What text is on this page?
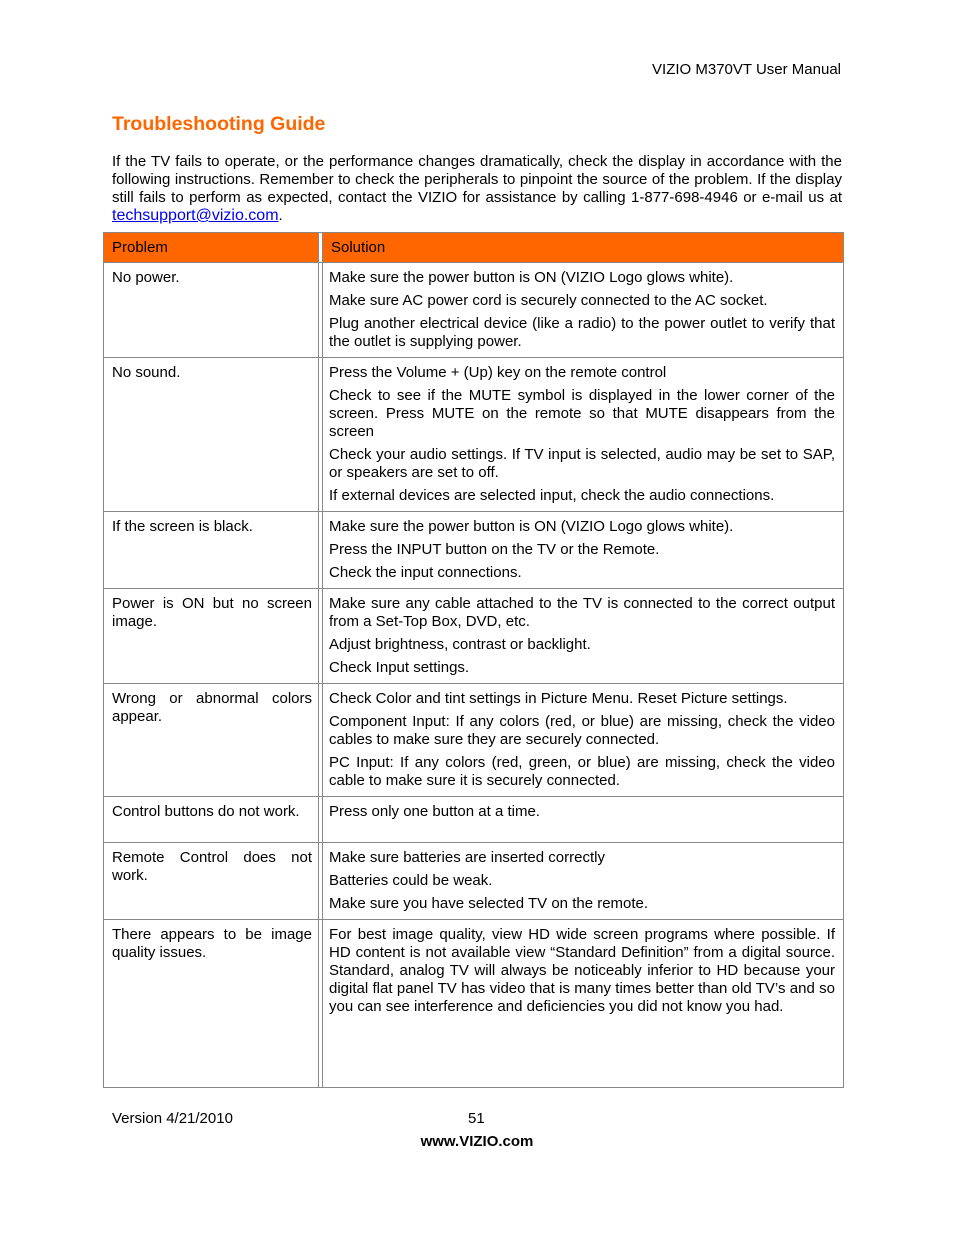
VIZIO M370VT User Manual
Troubleshooting Guide

If the TV fails to operate, or the performance changes dramatically, check the display in accordance with the following instructions. Remember to check the peripherals to pinpoint the source of the problem. If the display still fails to perform as expected, contact the VIZIO for assistance by calling 1-877-698-4946 or e-mail us at techsupport@vizio.com.

Problem		Solution
No power.		Make sure the power button is ON (VIZIO Logo glows white).
Make sure AC power cord is securely connected to the AC socket.
Plug another electrical device (like a radio) to the power outlet to verify that the outlet is supplying power.

No sound.		Press the Volume + (Up) key on the remote control
Check to see if the MUTE symbol is displayed in the lower corner of the screen. Press MUTE on the remote so that MUTE disappears from the screen
Check your audio settings. If TV input is selected, audio may be set to SAP, or speakers are set to off.
If external devices are selected input, check the audio connections.

If the screen is black.		Make sure the power button is ON (VIZIO Logo glows white).
Press the INPUT button on the TV or the Remote.
Check the input connections.

Power is ON but no screen image.		Make sure any cable attached to the TV is connected to the correct output from a Set-Top Box, DVD, etc.
Adjust brightness, contrast or backlight.
Check Input settings.

Wrong or abnormal colors appear.		Check Color and tint settings in Picture Menu. Reset Picture settings.
Component Input: If any colors (red, or blue) are missing, check the video cables to make sure they are securely connected.
PC Input: If any colors (red, green, or blue) are missing, check the video cable to make sure it is securely connected.

Control buttons do not work.		Press only one button at a time.

Remote Control does not work.		Make sure batteries are inserted correctly
Batteries could be weak.
Make sure you have selected TV on the remote.

There appears to be image quality issues.		For best image quality, view HD wide screen programs where possible. If HD content is not available view “Standard Definition” from a digital source. Standard, analog TV will always be noticeably inferior to HD because your digital flat panel TV has video that is many times better than old TV’s and so you can see interference and deficiencies you did not know you had.
Version 4/21/2010	51
www.VIZIO.com
